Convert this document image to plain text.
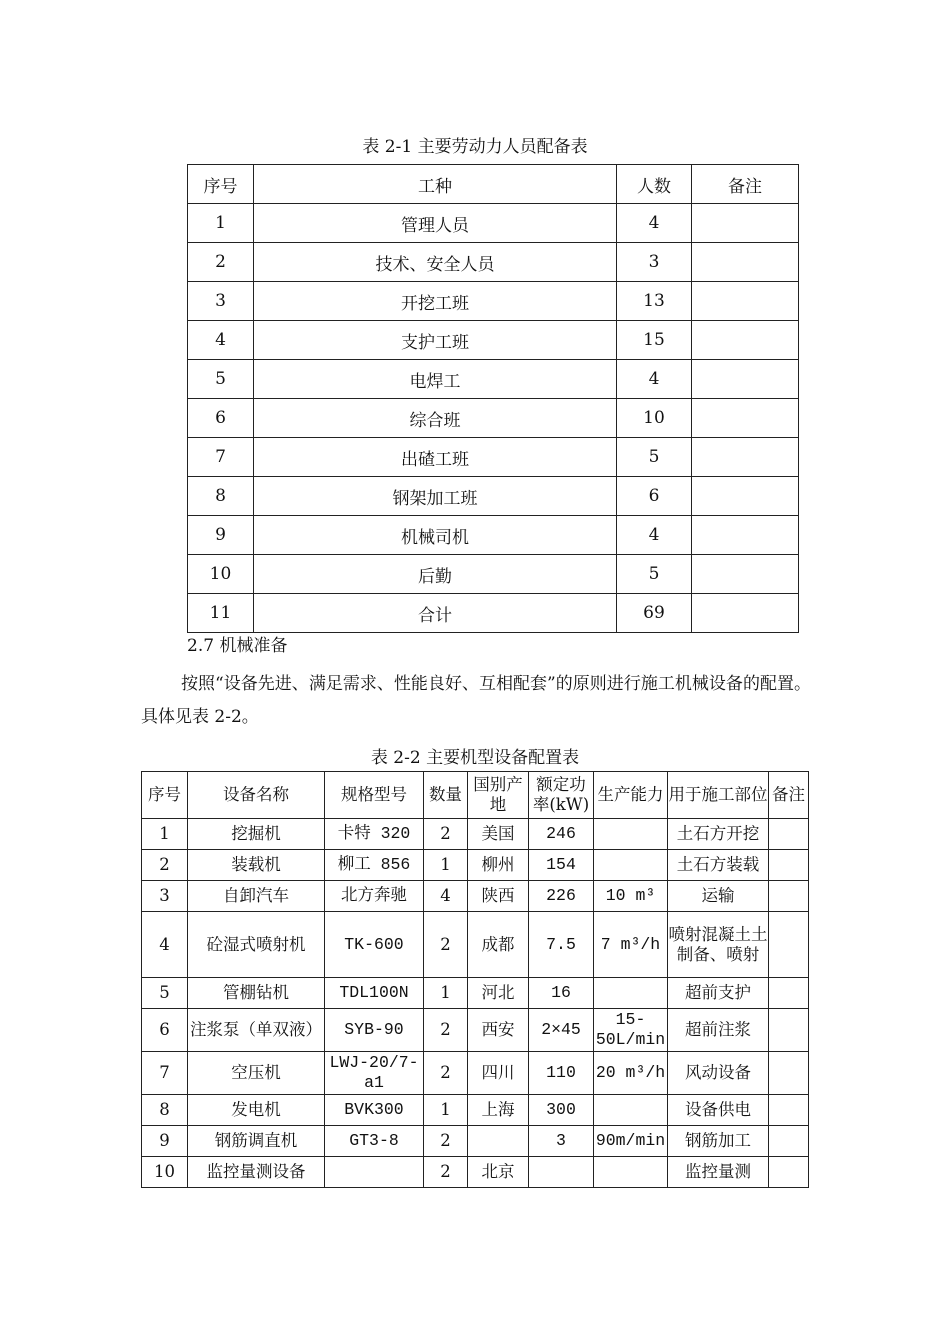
表 2-1 主要劳动力人员配备表
序号	工种	人数	备注
1	管理人员	4	
2	技术、安全人员	3	
3	开挖工班	13	
4	支护工班	15	
5	电焊工	4	
6	综合班	10	
7	出碴工班	5	
8	钢架加工班	6	
9	机械司机	4	
10	后勤	5	
11	合计	69	
2.7 机械准备
按照“设备先进、满足需求、性能良好、互相配套”的原则进行施工机械设备的配置。具体见表 2-2。
表 2-2 主要机型设备配置表
序号	设备名称	规格型号	数量	国别产地	额定功率(kW)	生产能力	用于施工部位	备注
1	挖掘机	卡特 320	2	美国	246		土石方开挖	
2	装载机	柳工 856	1	柳州	154		土石方装载	
3	自卸汽车	北方奔驰	4	陕西	226	10 m³	运输	
4	砼湿式喷射机	TK-600	2	成都	7.5	7 m³/h	喷射混凝土土制备、喷射	
5	管棚钻机	TDL100N	1	河北	16		超前支护	
6	注浆泵（单双液）	SYB-90	2	西安	2×45	15-50L/min	超前注浆	
7	空压机	LWJ-20/7-a1	2	四川	110	20 m³/h	风动设备	
8	发电机	BVK300	1	上海	300		设备供电	
9	钢筋调直机	GT3-8	2		3	90m/min	钢筋加工	
10	监控量测设备		2	北京			监控量测	
